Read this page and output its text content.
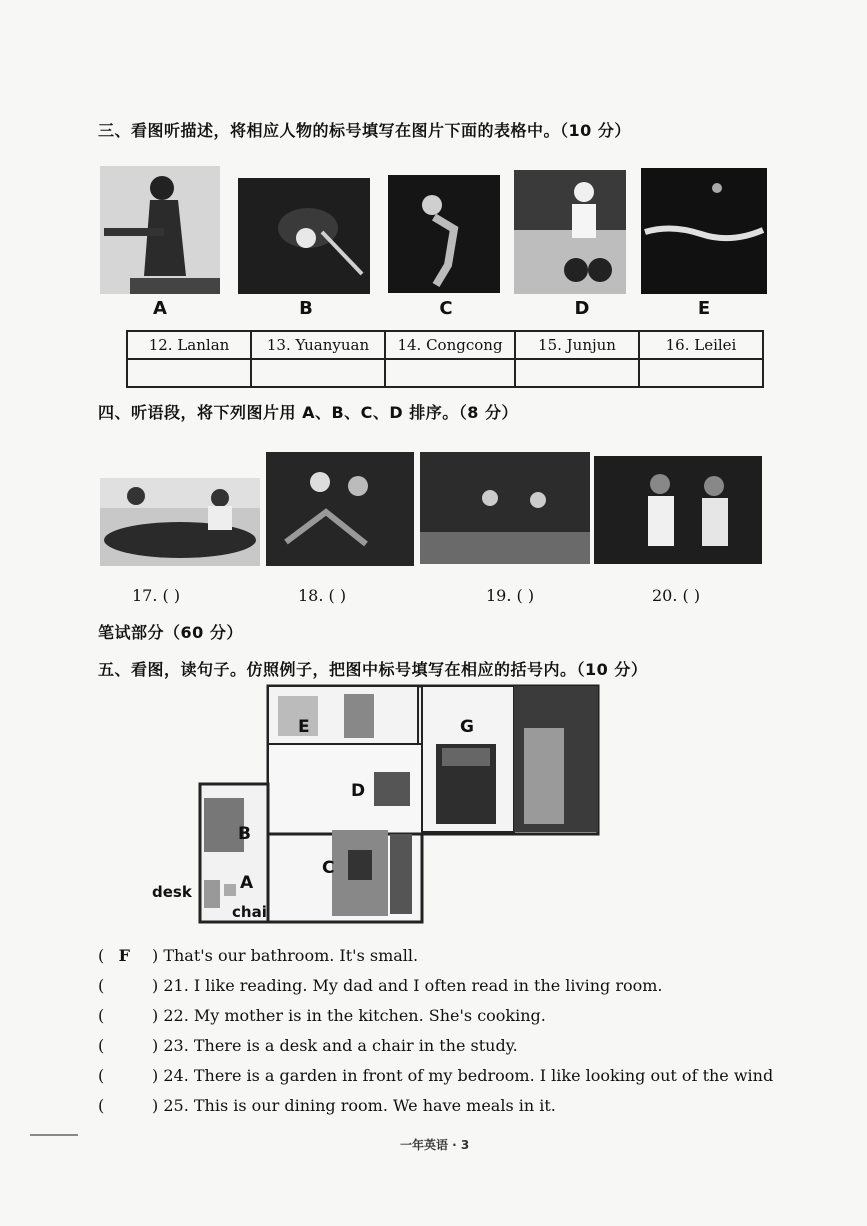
三、看图听描述，将相应人物的标号填写在图片下面的表格中。（10 分）
A	B	C	D	E
12. Lanlan	13. Yuanyuan	14. Congcong	15. Junjun	16. Leilei

四、听语段，将下列图片用 A、B、C、D 排序。（8 分）
17. ( )	18. ( )	19. ( )	20. ( )
笔试部分（60 分）
五、看图，读句子。仿照例子，把图中标号填写在相应的括号内。（10 分）
G
E
D
B
C
A
desk
chai
( F ) That's our bathroom. It's small.
(	) 21. I like reading. My dad and I often read in the living room.
(	) 22. My mother is in the kitchen. She's cooking.
(	) 23. There is a desk and a chair in the study.
(	) 24. There is a garden in front of my bedroom. I like looking out of the wind
(	) 25. This is our dining room. We have meals in it.
一年英语 · 3
